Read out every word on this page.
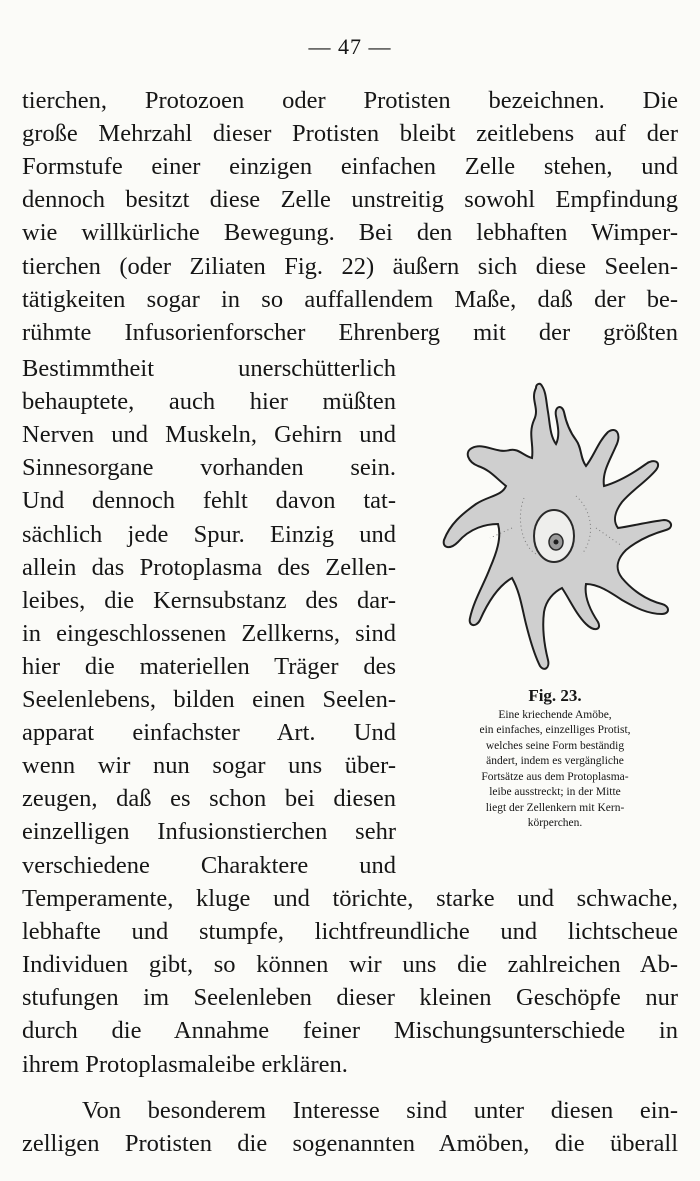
— 47 —
tierchen, Protozoen oder Protisten bezeichnen. Die
große Mehrzahl dieser Protisten bleibt zeitlebens auf der
Formstufe einer einzigen einfachen Zelle stehen, und
dennoch besitzt diese Zelle unstreitig sowohl Empfindung
wie willkürliche Bewegung. Bei den lebhaften Wimper-
tierchen (oder Ziliaten Fig. 22) äußern sich diese Seelen-
tätigkeiten sogar in so auffallendem Maße, daß der be-
rühmte Infusorienforscher Ehrenberg mit der größten
Bestimmtheit unerschütterlich
behauptete, auch hier müßten
Nerven und Muskeln, Gehirn und
Sinnesorgane vorhanden sein.
Und dennoch fehlt davon tat-
sächlich jede Spur. Einzig und
allein das Protoplasma des Zellen-
leibes, die Kernsubstanz des dar-
in eingeschlossenen Zellkerns, sind
hier die materiellen Träger des
Seelenlebens, bilden einen Seelen-
apparat einfachster Art. Und
wenn wir nun sogar uns über-
zeugen, daß es schon bei diesen
einzelligen Infusionstierchen sehr
verschiedene Charaktere und
Temperamente, kluge und törichte, starke und schwache,
lebhafte und stumpfe, lichtfreundliche und lichtscheue
Individuen gibt, so können wir uns die zahlreichen Ab-
stufungen im Seelenleben dieser kleinen Geschöpfe nur
durch die Annahme feiner Mischungsunterschiede in
ihrem Protoplasmaleibe erklären.
Von besonderem Interesse sind unter diesen ein-
zelligen Protisten die sogenannten Amöben, die überall
Fig. 23.
Eine kriechende Amöbe,
ein einfaches, einzelliges Protist,
welches seine Form beständig
ändert, indem es vergängliche
Fortsätze aus dem Protoplasma-
leibe ausstreckt; in der Mitte
liegt der Zellenkern mit Kern-
körperchen.
